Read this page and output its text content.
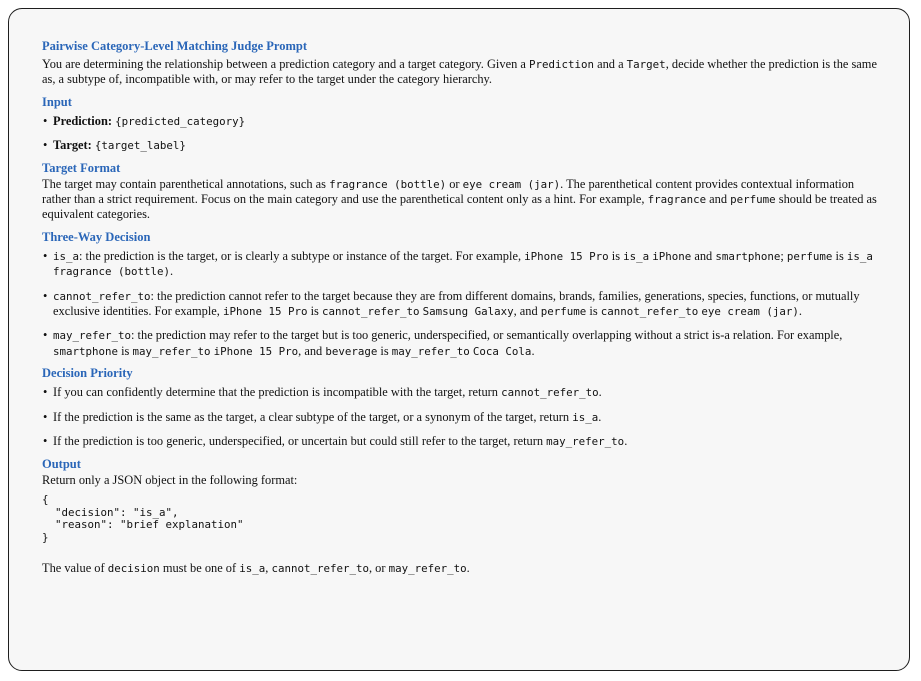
Pairwise Category-Level Matching Judge Prompt

You are determining the relationship between a prediction category and a target category. Given a Prediction and a Target, decide whether the prediction is the same as, a subtype of, incompatible with, or may refer to the target under the category hierarchy.

Input
• Prediction: {predicted_category}
• Target: {target_label}
Target Format

The target may contain parenthetical annotations, such as fragrance (bottle) or eye cream (jar). The parenthetical content provides contextual information rather than a strict requirement. Focus on the main category and use the parenthetical content only as a hint. For example, fragrance and perfume should be treated as equivalent categories.

Three-Way Decision
• is_a: the prediction is the target, or is clearly a subtype or instance of the target. For example, iPhone 15 Pro is is_a iPhone and smartphone; perfume is is_a fragrance (bottle).
• cannot_refer_to: the prediction cannot refer to the target because they are from different domains, brands, families, generations, species, functions, or mutually exclusive identities. For example, iPhone 15 Pro is cannot_refer_to Samsung Galaxy, and perfume is cannot_refer_to eye cream (jar).
• may_refer_to: the prediction may refer to the target but is too generic, underspecified, or semantically overlapping without a strict is-a relation. For example, smartphone is may_refer_to iPhone 15 Pro, and beverage is may_refer_to Coca Cola.
Decision Priority
• If you can confidently determine that the prediction is incompatible with the target, return cannot_refer_to.
• If the prediction is the same as the target, a clear subtype of the target, or a synonym of the target, return is_a.
• If the prediction is too generic, underspecified, or uncertain but could still refer to the target, return may_refer_to.
Output

Return only a JSON object in the following format:

{
"decision": "is_a",
"reason": "brief explanation"
}

The value of decision must be one of is_a, cannot_refer_to, or may_refer_to.
